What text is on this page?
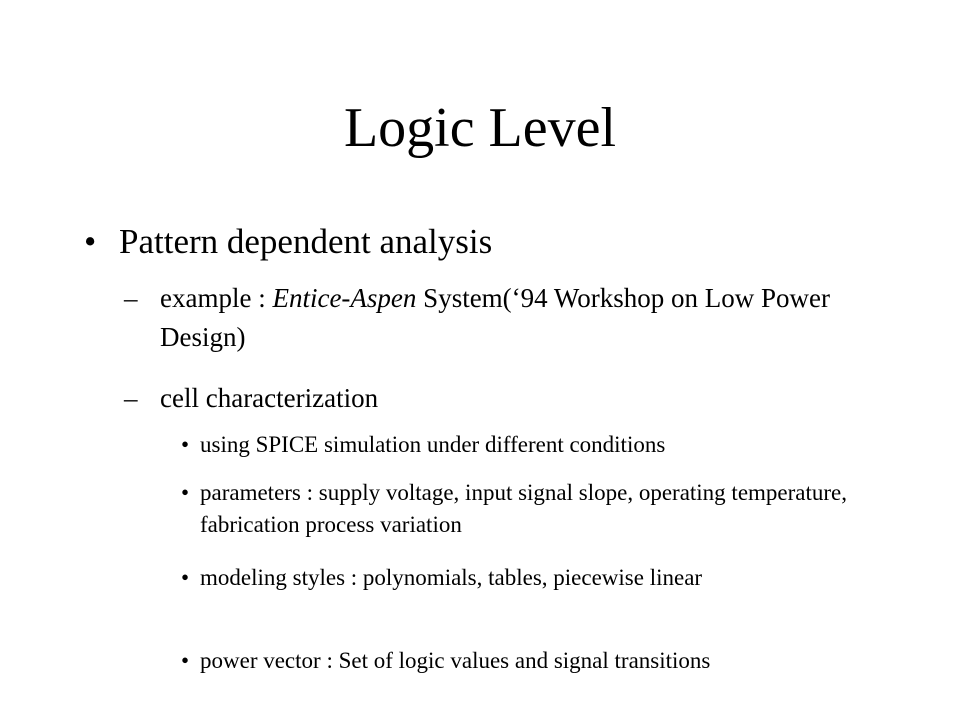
Logic Level
• Pattern dependent analysis
– example : Entice-Aspen System(‘94 Workshop on Low Power Design)
– cell characterization
• using SPICE simulation under different conditions
• parameters : supply voltage, input signal slope, operating temperature, fabrication process variation
• modeling styles : polynomials, tables, piecewise linear
• power vector : Set of logic values and signal transitions
